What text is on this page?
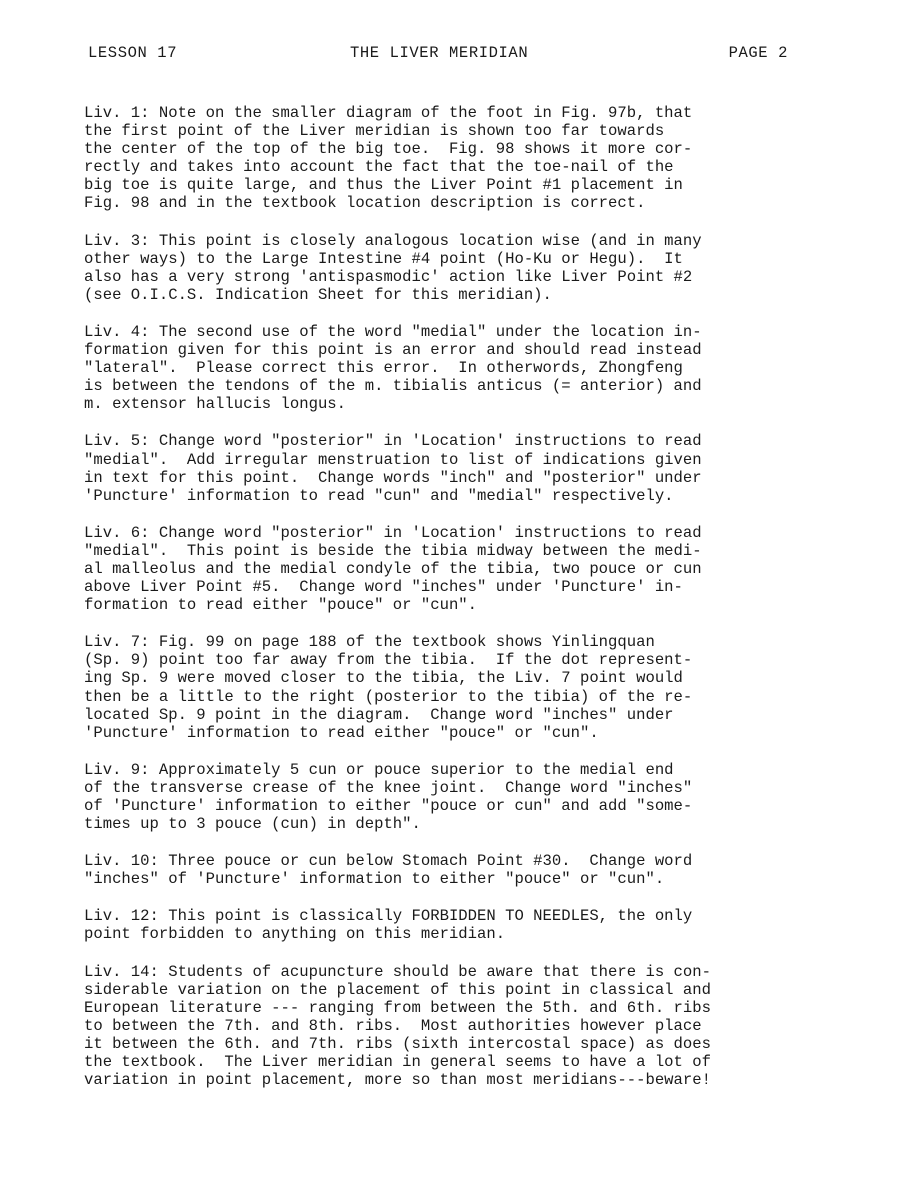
LESSON 17	THE LIVER MERIDIAN	PAGE 2

Liv. 1: Note on the smaller diagram of the foot in Fig. 97b, that
the first point of the Liver meridian is shown too far towards
the center of the top of the big toe.  Fig. 98 shows it more cor-
rectly and takes into account the fact that the toe-nail of the
big toe is quite large, and thus the Liver Point #1 placement in
Fig. 98 and in the textbook location description is correct.

Liv. 3: This point is closely analogous location wise (and in many
other ways) to the Large Intestine #4 point (Ho-Ku or Hegu).  It
also has a very strong 'antispasmodic' action like Liver Point #2
(see O.I.C.S. Indication Sheet for this meridian).

Liv. 4: The second use of the word "medial" under the location in-
formation given for this point is an error and should read instead
"lateral".  Please correct this error.  In otherwords, Zhongfeng
is between the tendons of the m. tibialis anticus (= anterior) and
m. extensor hallucis longus.

Liv. 5: Change word "posterior" in 'Location' instructions to read
"medial".  Add irregular menstruation to list of indications given
in text for this point.  Change words "inch" and "posterior" under
'Puncture' information to read "cun" and "medial" respectively.

Liv. 6: Change word "posterior" in 'Location' instructions to read
"medial".  This point is beside the tibia midway between the medi-
al malleolus and the medial condyle of the tibia, two pouce or cun
above Liver Point #5.  Change word "inches" under 'Puncture' in-
formation to read either "pouce" or "cun".

Liv. 7: Fig. 99 on page 188 of the textbook shows Yinlingquan
(Sp. 9) point too far away from the tibia.  If the dot represent-
ing Sp. 9 were moved closer to the tibia, the Liv. 7 point would
then be a little to the right (posterior to the tibia) of the re-
located Sp. 9 point in the diagram.  Change word "inches" under
'Puncture' information to read either "pouce" or "cun".

Liv. 9: Approximately 5 cun or pouce superior to the medial end
of the transverse crease of the knee joint.  Change word "inches"
of 'Puncture' information to either "pouce or cun" and add "some-
times up to 3 pouce (cun) in depth".

Liv. 10: Three pouce or cun below Stomach Point #30.  Change word
"inches" of 'Puncture' information to either "pouce" or "cun".

Liv. 12: This point is classically FORBIDDEN TO NEEDLES, the only
point forbidden to anything on this meridian.

Liv. 14: Students of acupuncture should be aware that there is con-
siderable variation on the placement of this point in classical and
European literature --- ranging from between the 5th. and 6th. ribs
to between the 7th. and 8th. ribs.  Most authorities however place
it between the 6th. and 7th. ribs (sixth intercostal space) as does
the textbook.  The Liver meridian in general seems to have a lot of
variation in point placement, more so than most meridians---beware!
